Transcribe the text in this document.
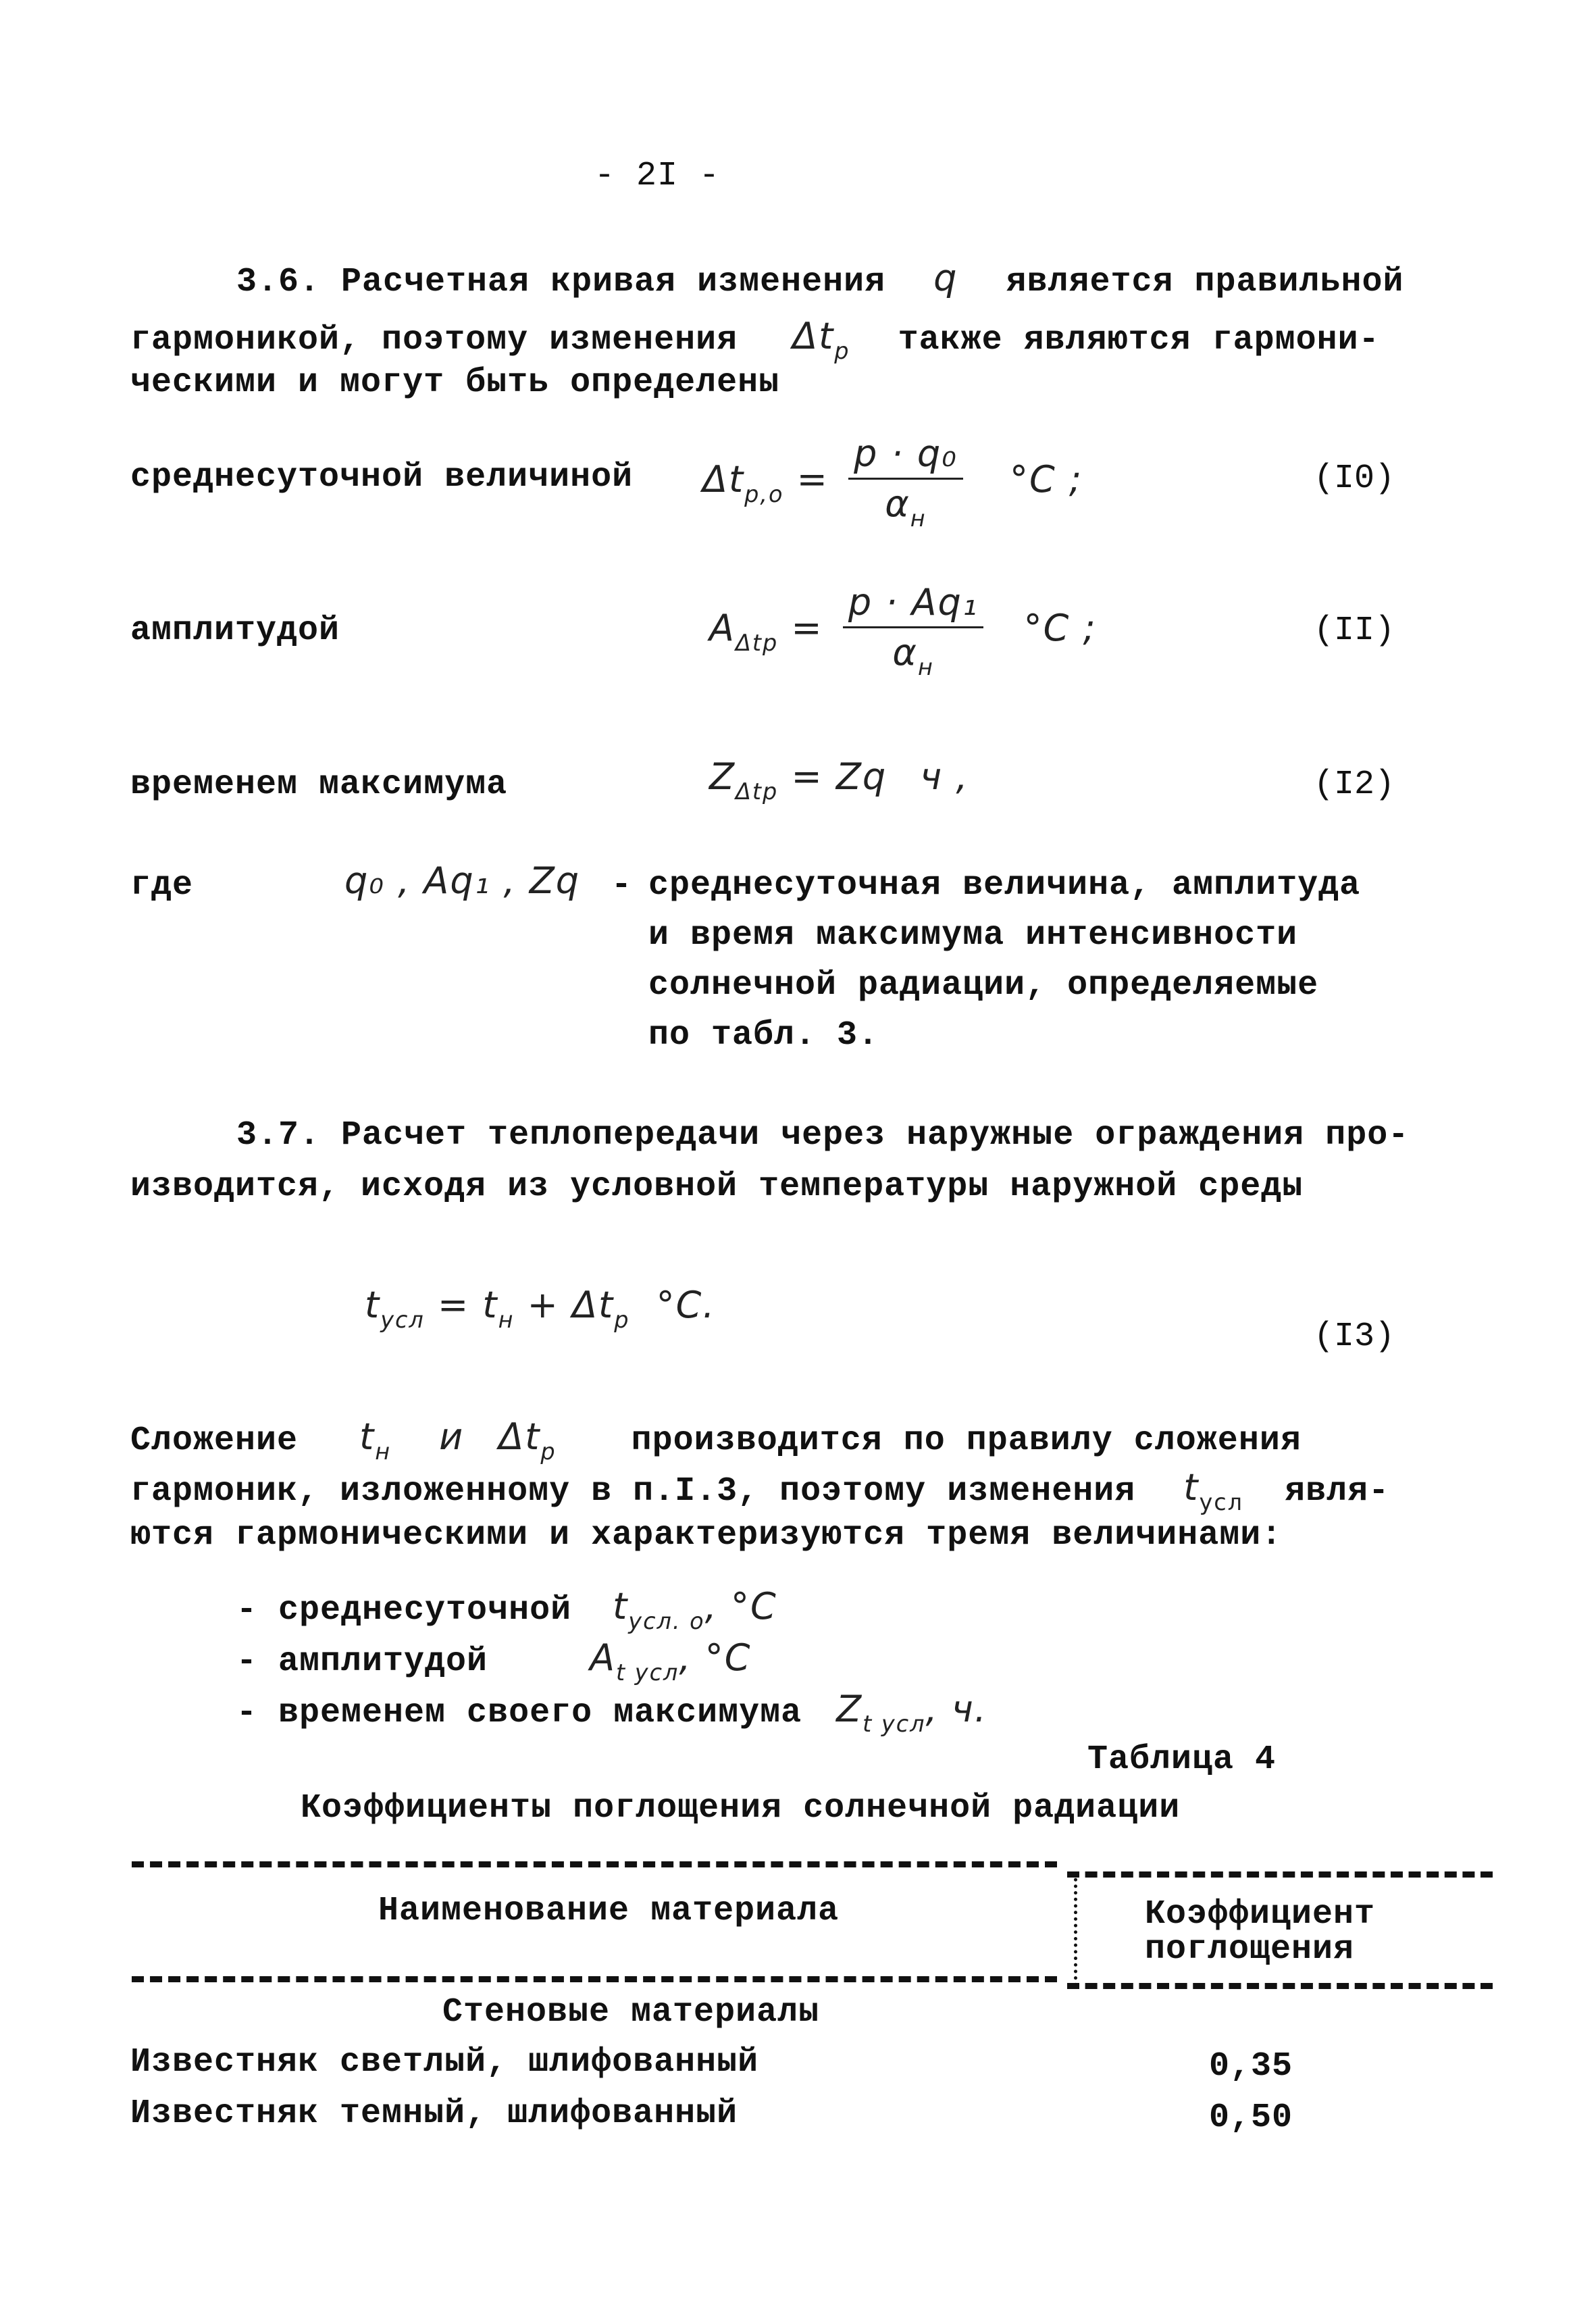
- 2I -
3.6. Расчетная кривая изменения q является правильной
гармоникой, поэтому изменения $\Delta t_p$ также являются гармони-
ческими и могут быть определены
среднесуточной величиной $\Delta t_{p,o} = \frac{\text{p · q₀}}{\alpha_н} ^\circ C$ ;	(I0)
амплитудой	$A_{\Delta tp} = \frac{\text{p · Aq₁}}{\alpha_н} ^\circ C$ ;	(II)
временем максимума	$Z_{\Delta tp} = Zq$ ч ,	(I2)
где	q₀ , Aq₁ , Zq - среднесуточная величина, амплитуда
и время максимума интенсивности
солнечной радиации, определяемые
по табл. 3.
3.7. Расчет теплопередачи через наружные ограждения про-
изводится, исходя из условной температуры наружной среды
$t_{усл} = t_н + \Delta t_p$ °C.
(I3)
Сложение $t_н$ и $\Delta t_p$ производится по правилу сложения
гармоник, изложенному в п.I.3, поэтому изменения $t_{усл}$ явля-
ются гармоническими и характеризуются тремя величинами:
- среднесуточной $t_{усл. о}$, °C
- амплитудой	$A_{t усл}$, °C
- временем своего максимума $Z_{t усл}$, ч.
Таблица 4
Коэффициенты поглощения солнечной радиации
Наименование материала	Коэффициент
поглощения
Стеновые материалы
Известняк светлый, шлифованный	0,35
Известняк темный, шлифованный	0,50
